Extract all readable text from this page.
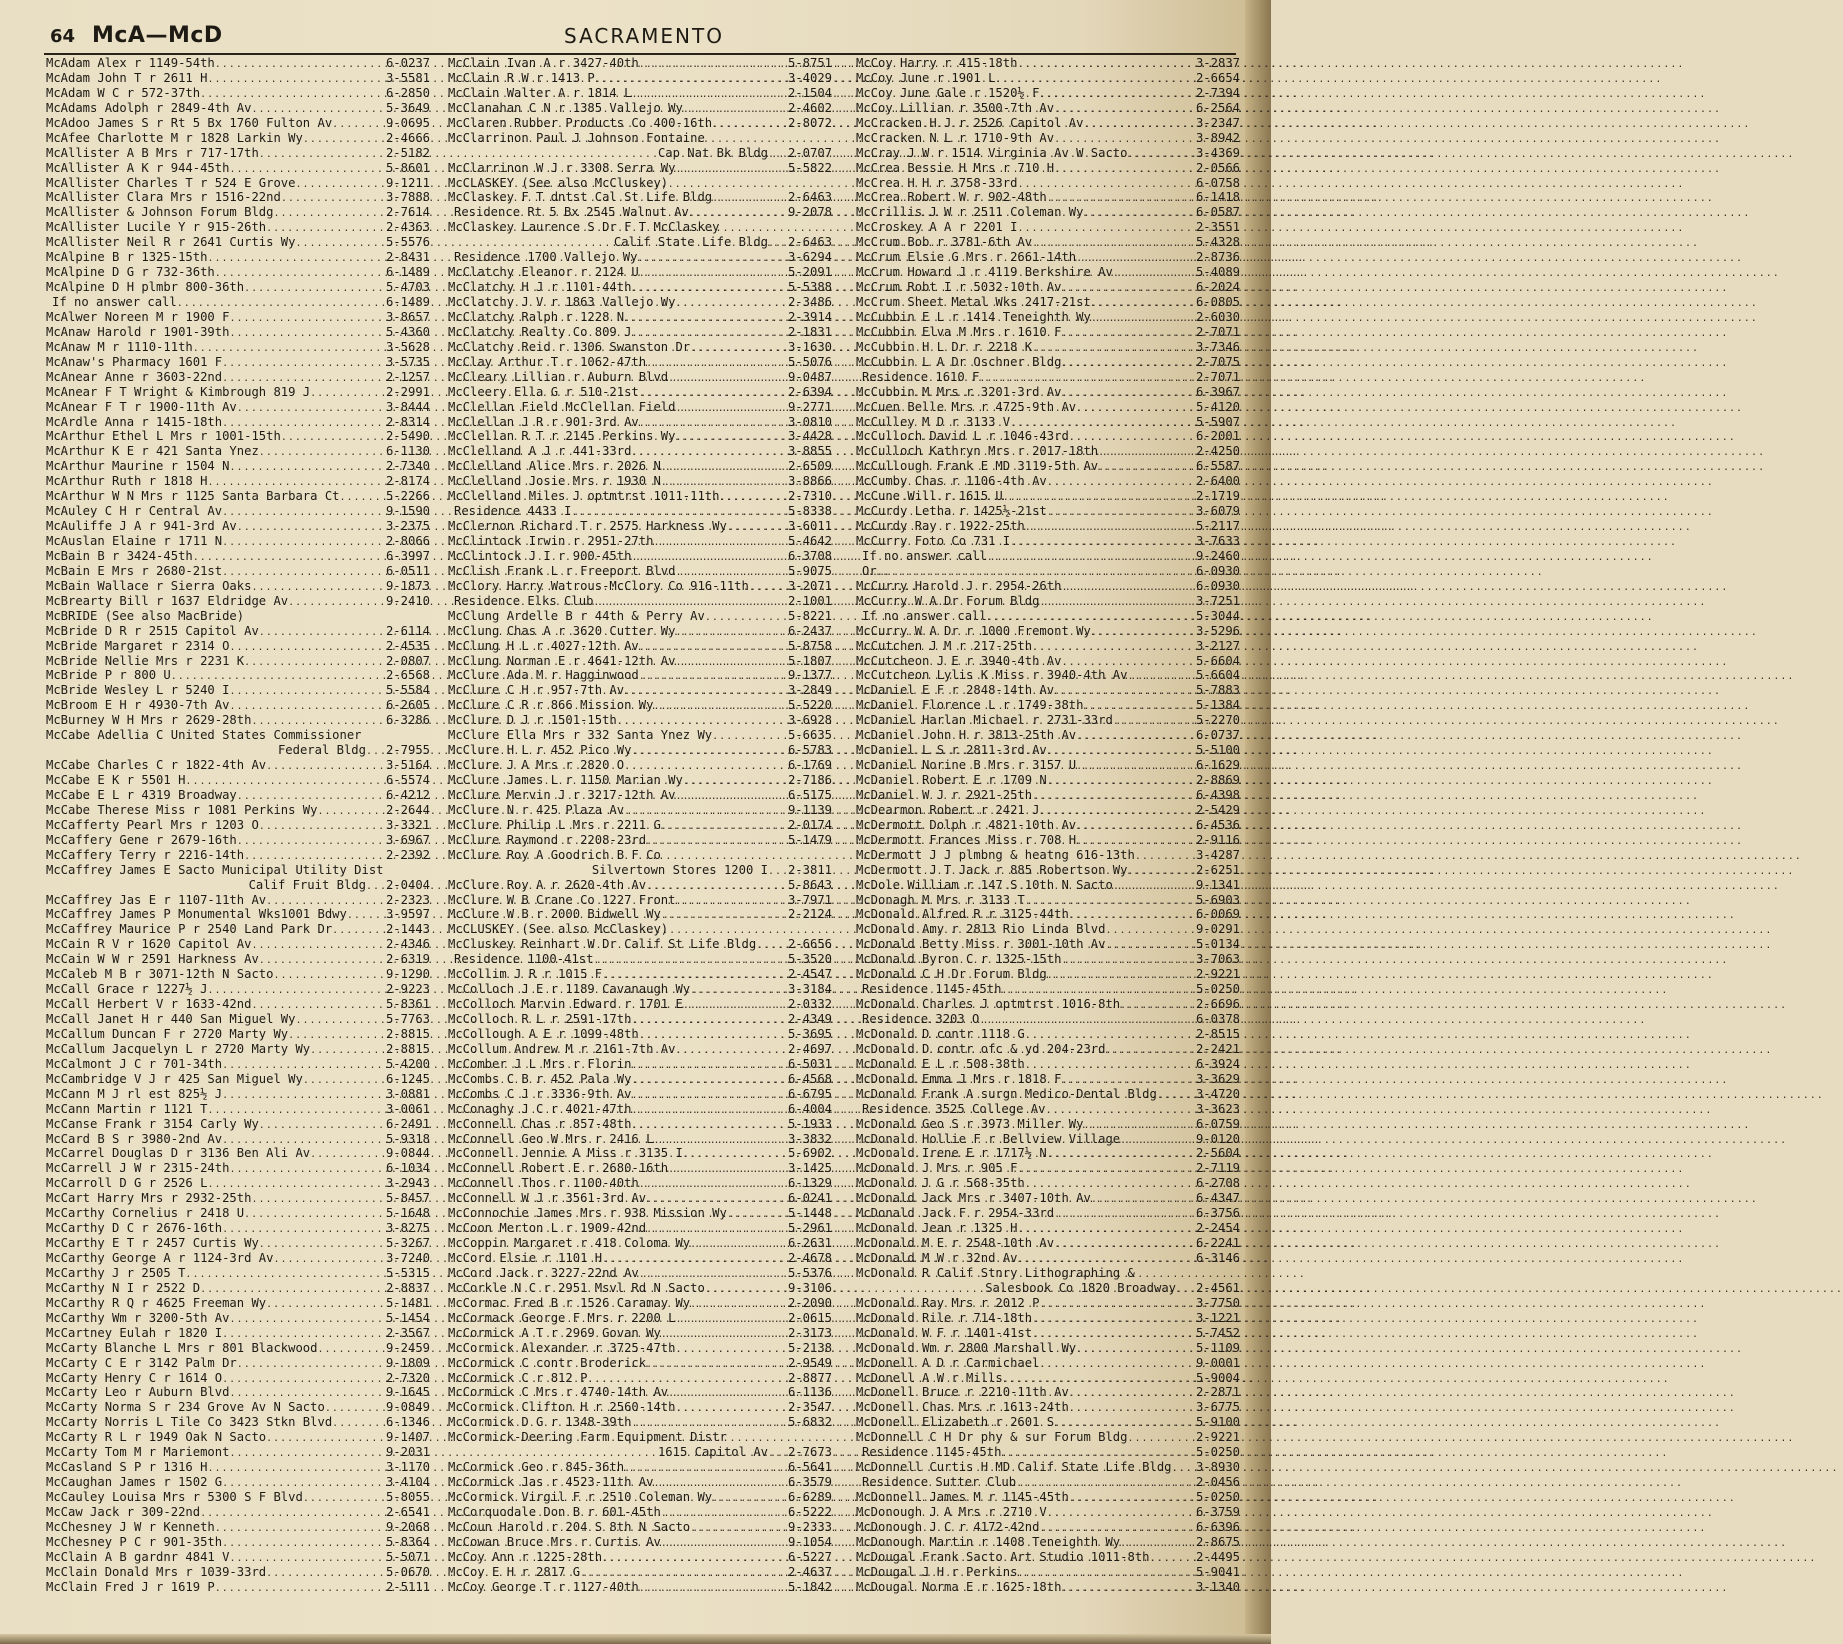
64 McA—McD	SACRAMENTO
McAdam Alex r 1149-54th .....	6-0237
McAdam John T r 2611 H .....	3-5581
McAdam W C r 572-37th .....	6-2850
McAdams Adolph r 2849-4th Av .....	5-3649
McAdoo James S r Rt 5 Bx 1760 Fulton Av .....	9-0695
McAfee Charlotte M r 1828 Larkin Wy .....	2-4666
McAllister A B Mrs r 717-17th .....	2-5182
McAllister A K r 944-45th .....	5-8601
McAllister Charles T r 524 E Grove .....	9-1211
McAllister Clara Mrs r 1516-22nd .....	3-7888
McAllister & Johnson Forum Bldg .....	2-7614
McAllister Lucile Y r 915-26th .....	2-4363
McAllister Neil R r 2641 Curtis Wy .....	5-5576
McAlpine B r 1325-15th .....	2-8431
McAlpine D G r 732-36th .....	6-1489
McAlpine D H plmbr 800-36th .....	5-4703
If no answer call .....	6-1489
McAlwer Noreen M r 1900 F .....	3-8657
McAnaw Harold r 1901-39th .....	5-4360
McAnaw M r 1110-11th .....	3-5628
McAnaw's Pharmacy 1601 F .....	3-5735
McAnear Anne r 3603-22nd .....	2-1257
McAnear F T Wright & Kimbrough 819 J .....	2-2991
McAnear F T r 1900-11th Av .....	3-8444
McArdle Anna r 1415-18th .....	2-8314
McArthur Ethel L Mrs r 1001-15th .....	2-5490
McArthur K E r 421 Santa Ynez .....	6-1130
McArthur Maurine r 1504 N .....	2-7340
McArthur Ruth r 1818 H .....	2-8174
McArthur W N Mrs r 1125 Santa Barbara Ct .....	5-2266
McAuley C H r Central Av .....	9-1590
McAuliffe J A r 941-3rd Av .....	3-2375
McAuslan Elaine r 1711 N .....	2-8066
McBain B r 3424-45th .....	6-3997
McBain E Mrs r 2680-21st .....	6-0511
McBain Wallace r Sierra Oaks .....	9-1873
McBrearty Bill r 1637 Eldridge Av .....	9-2410
McBRIDE (See also MacBride)
McBride D R r 2515 Capitol Av .....	2-6114
McBride Margaret r 2314 O .....	2-4535
McBride Nellie Mrs r 2231 K .....	2-0807
McBride P r 800 U .....	2-6568
McBride Wesley L r 5240 I .....	5-5584
McBroom E H r 4930-7th Av .....	6-2605
McBurney W H Mrs r 2629-28th .....	6-3286
McCabe Adellia C United States Commissioner
Federal Bldg .....	2-7955
McCabe Charles C r 1822-4th Av .....	3-5164
McCabe E K r 5501 H .....	6-5574
McCabe E L r 4319 Broadway .....	6-4212
McCabe Therese Miss r 1081 Perkins Wy .....	2-2644
McCafferty Pearl Mrs r 1203 O .....	3-3321
McCaffery Gene r 2679-16th .....	3-6967
McCaffery Terry r 2216-14th .....	2-2392
McCaffrey James E Sacto Municipal Utility Dist
Calif Fruit Bldg .....	2-0404
McCaffrey Jas E r 1107-11th Av .....	2-2323
McCaffrey James P Monumental Wks1001 Bdwy .....	3-9597
McCaffrey Maurice P r 2540 Land Park Dr .....	2-1443
McCain R V r 1620 Capitol Av .....	2-4346
McCain W W r 2591 Harkness Av .....	2-6319
McCaleb M B r 3071-12th N Sacto .....	9-1290
McCall Grace r 1227½ J .....	2-9223
McCall Herbert V r 1633-42nd .....	5-8361
McCall Janet H r 440 San Miguel Wy .....	5-7763
McCallum Duncan F r 2720 Marty Wy .....	2-8815
McCallum Jacquelyn L r 2720 Marty Wy .....	2-8815
McCalmont J C r 701-34th .....	5-4200
McCambridge V J r 425 San Miguel Wy .....	6-1245
McCann M J rl est 825½ J .....	3-0881
McCann Martin r 1121 T .....	3-0061
McCanse Frank r 3154 Carly Wy .....	6-2491
McCard B S r 3980-2nd Av .....	5-9318
McCarrel Douglas D r 3136 Ben Ali Av .....	9-0844
McCarrell J W r 2315-24th .....	6-1034
McCarroll D G r 2526 L .....	3-2943
McCart Harry Mrs r 2932-25th .....	5-8457
McCarthy Cornelius r 2418 U .....	5-1648
McCarthy D C r 2676-16th .....	3-8275
McCarthy E T r 2457 Curtis Wy .....	5-3267
McCarthy George A r 1124-3rd Av .....	3-7240
McCarthy J r 2505 T .....	5-5315
McCarthy N I r 2522 D .....	2-8837
McCarthy R Q r 4625 Freeman Wy .....	5-1481
McCarthy Wm r 3200-5th Av .....	5-1454
McCartney Eulah r 1820 I .....	2-3567
McCarty Blanche L Mrs r 801 Blackwood .....	9-2459
McCarty C E r 3142 Palm Dr .....	9-1809
McCarty Henry C r 1614 O .....	2-7320
McCarty Leo r Auburn Blvd .....	9-1645
McCarty Norma S r 234 Grove Av N Sacto .....	9-0849
McCarty Norris L Tile Co 3423 Stkn Blvd .....	6-1346
McCarty R L r 1949 Oak N Sacto .....	9-1407
McCarty Tom M r Mariemont .....	9-2031
McCasland S P r 1316 H .....	3-1170
McCaughan James r 1502 G .....	3-4104
McCauley Louisa Mrs r 5300 S F Blvd .....	5-8055
McCaw Jack r 309-22nd .....	2-6541
McChesney J W r Kenneth .....	9-2068
McChesney P C r 901-35th .....	5-8364
McClain A B gardnr 4841 V .....	5-5071
McClain Donald Mrs r 1039-33rd .....	5-0670
McClain Fred J r 1619 P .....	2-5111
McClain Ivan A r 3427-40th .....	5-8751
McClain R W r 1413 P .....	3-4029
McClain Walter A r 1814 L .....	2-1504
McClanahan C N r 1385 Vallejo Wy .....	2-4602
McClaren Rubber Products Co 400-16th .....	2-8072
McClarrinon Paul J Johnson Fontaine
Cap Nat Bk Bldg .....	2-0707
McClarrinon W J r 3308 Serra Wy .....	5-5822
McCLASKEY (See also McCluskey)
McClaskey F T dntst Cal St Life Bldg .....	2-6463
Residence Rt 5 Bx 2545 Walnut Av .....	9-2078
McClaskey Laurence S Dr F T McClaskey
Calif State Life Bldg .....	2-6463
Residence 1700 Vallejo Wy .....	3-6294
McClatchy Eleanor r 2124 U .....	5-2091
McClatchy H J r 1101-44th .....	5-5388
McClatchy J V r 1863 Vallejo Wy .....	2-3486
McClatchy Ralph r 1228 N .....	2-3914
McClatchy Realty Co 809 J .....	2-1831
McClatchy Reid r 1306 Swanston Dr .....	3-1630
McClay Arthur T r 1062-47th .....	5-5076
McCleary Lillian r Auburn Blvd .....	9-0487
McCleery Ella G r 510-21st .....	2-6394
McClellan Field McClellan Field .....	9-2771
McClellan J R r 901-3rd Av .....	3-0810
McClellan R T r 2145 Perkins Wy .....	3-4428
McClelland A J r 441-33rd .....	3-8855
McClelland Alice Mrs r 2026 N .....	2-6509
McClelland Josie Mrs r 1930 N .....	3-8866
McClelland Miles J optmtrst 1011-11th .....	2-7310
Residence 4433 I .....	5-8338
McClernon Richard T r 2575 Harkness Wy .....	3-6011
McClintock Irwin r 2951-27th .....	5-4642
McClintock J I r 900-45th .....	6-3708
McClish Frank L r Freeport Blvd .....	5-9075
McClory Harry Watrous-McClory Co 916-11th .....	3-2071
Residence Elks Club .....	2-1001
McClung Ardelle B r 44th & Perry Av .....	5-8221
McClung Chas A r 3620 Cutter Wy .....	6-2437
McClung H L r 4027-12th Av .....	5-8758
McClung Norman E r 4641-12th Av .....	5-1807
McClure Ada M r Hagginwood .....	9-1377
McClure C H r 957-7th Av .....	3-2849
McClure C R r 866 Mission Wy .....	5-5220
McClure D J r 1501-15th .....	3-6928
McClure Ella Mrs r 332 Santa Ynez Wy .....	5-6635
McClure H L r 452 Pico Wy .....	6-5783
McClure J A Mrs r 2820 O .....	6-1769
McClure James L r 1150 Marian Wy .....	2-7186
McClure Mervin J r 3217-12th Av .....	6-5175
McClure N r 425 Plaza Av .....	9-1139
McClure Philip L Mrs r 2211 G .....	2-0174
McClure Raymond r 2208-23rd .....	5-1479
McClure Roy A Goodrich B F Co
Silvertown Stores 1200 I .....	2-3811
McClure Roy A r 2620-4th Av .....	5-8643
McClure W B Crane Co 1227 Front .....	3-7971
McClure W B r 2000 Bidwell Wy .....	2-2124
McCLUSKEY (See also McClaskey)
McCluskey Reinhart W Dr Calif St Life Bldg .....	2-6656
Residence 1100-41st .....	5-3520
McCollim J R r 1015 F .....	2-4547
McColloch J E r 1189 Cavanaugh Wy .....	3-3184
McColloch Marvin Edward r 1701 E .....	2-0332
McColloch R L r 2591-17th .....	2-4349
McCollough A E r 1099-48th .....	5-3695
McCollum Andrew M r 2161-7th Av .....	2-4697
McComber J L Mrs r Florin .....	6-5031
McCombs C B r 452 Pala Wy .....	6-4568
McCombs C J r 3336-9th Av .....	6-6795
McConaghy J C r 4021-47th .....	6-4004
McConnell Chas r 857-48th .....	5-1933
McConnell Geo W Mrs r 2416 L .....	3-3832
McConnell Jennie A Miss r 3135 I .....	5-6902
McConnell Robert E r 2680-16th .....	3-1425
McConnell Thos r 1100-40th .....	6-1329
McConnell W J r 3561-3rd Av .....	6-0241
McConnochie James Mrs r 938 Mission Wy .....	5-1448
McCoon Merton L r 1909-42nd .....	5-2961
McCoppin Margaret r 418 Coloma Wy .....	6-2631
McCord Elsie r 1101 H .....	2-4678
McCord Jack r 3227-22nd Av .....	5-5376
McCorkle N C r 2951 Msvl Rd N Sacto .....	9-3106
McCormac Fred B r 1526 Caramay Wy .....	2-2090
McCormack George F Mrs r 2200 L .....	2-0615
McCormick A T r 2969 Govan Wy .....	2-3173
McCormick Alexander r 3725-47th .....	5-2138
McCormick C contr Broderick .....	2-9549
McCormick C r 812 P .....	2-8877
McCormick C Mrs r 4740-14th Av .....	6-1136
McCormick Clifton H r 2560-14th .....	2-3547
McCormick D G r 1348-39th .....	5-6832
McCormick-Deering Farm Equipment Distr
1615 Capitol Av .....	2-7673
McCormick Geo r 845-36th .....	6-5641
McCormick Jas r 4523-11th Av .....	6-3579
McCormick Virgil F r 2510 Coleman Wy .....	6-6289
McCorquodale Don B r 601-45th .....	6-5222
McCoun Harold r 204 S 8th N Sacto .....	9-2333
McCowan Bruce Mrs r Curtis Av .....	9-1054
McCoy Ann r 1225-28th .....	6-5227
McCoy E H r 2817 G .....	2-4637
McCoy George T r 1127-40th .....	5-1842
McCoy Harry r 415-18th .....	3-2837
McCoy June r 1901 L .....	2-6654
McCoy June Gale r 1520½ F .....	2-7394
McCoy Lillian r 3500-7th Av .....	6-2564
McCracken H J r 2526 Capitol Av .....	3-2347
McCracken N L r 1710-9th Av .....	3-8942
McCray J W r 1514 Virginia Av W Sacto .....	3-4369
McCrea Bessie H Mrs r 710 H .....	2-0566
McCrea H H r 3758-33rd .....	6-0758
McCrea Robert W r 902-48th .....	6-1418
McCrillis J W r 2511 Coleman Wy .....	6-0587
McCroskey A A r 2201 I .....	2-3551
McCrum Bob r 3781-6th Av .....	5-4328
McCrum Elsie G Mrs r 2661-14th .....	2-8736
McCrum Howard J r 4119 Berkshire Av .....	5-4089
McCrum Robt I r 5032-10th Av .....	6-2024
McCrum Sheet Metal Wks 2417-21st .....	6-0805
McCubbin E L r 1414 Teneighth Wy .....	2-6030
McCubbin Elva M Mrs r 1610 F .....	2-7071
McCubbin H L Dr r 2218 K .....	3-7346
McCubbin L A Dr Oschner Bldg .....	2-7075
Residence 1610 F .....	2-7071
McCubbin M Mrs r 3201-3rd Av .....	6-3967
McCuen Belle Mrs r 4725-9th Av .....	5-4120
McCulley M D r 3133 V .....	5-5907
McCulloch David L r 1046-43rd .....	6-2001
McCulloch Kathryn Mrs r 2017-18th .....	2-4250
McCullough Frank E MD 3119-5th Av .....	6-5587
McCumby Chas r 1106-4th Av .....	2-6400
McCune Will r 1615 U .....	2-1719
McCurdy Letha r 1425½-21st .....	3-6079
McCurdy Ray r 1922-25th .....	5-2117
McCurry Foto Co 731 I .....	3-7633
If no answer call .....	9-2460
Or .....	6-0930
McCurry Harold J r 2954-26th .....	6-0930
McCurry W A Dr Forum Bldg .....	3-7251
If no answer call .....	5-3044
McCurry W A Dr r 1000 Fremont Wy .....	3-5296
McCutchen J M r 217-25th .....	3-2127
McCutcheon J E r 3940-4th Av .....	5-6604
McCutcheon Lylis K Miss r 3940-4th Av .....	5-6604
McDaniel E F r 2848-14th Av .....	5-7883
McDaniel Florence L r 1749-38th .....	5-1384
McDaniel Harlan Michael r 2731-33rd .....	5-2270
McDaniel John H r 3813-25th Av .....	6-0737
McDaniel L S r 2811-3rd Av .....	5-5100
McDaniel Norine B Mrs r 3157 U .....	6-1629
McDaniel Robert E r 1709 N .....	2-8869
McDaniel W J r 2921-25th .....	6-4398
McDearmon Robert r 2421 J .....	2-5429
McDermott Dolph r 4821-10th Av .....	6-4536
McDermott Frances Miss r 708 H .....	2-9116
McDermott J J plmbng & heatng 616-13th .....	3-4287
McDermott J T Jack r 885 Robertson Wy .....	2-6251
McDole William r 147 S 10th N Sacto .....	9-1341
McDonagh M Mrs r 3133 T .....	5-6903
McDonald Alfred R r 3125-44th .....	6-0069
McDonald Amy r 2813 Rio Linda Blvd .....	9-0291
McDonald Betty Miss r 3001-10th Av .....	5-0134
McDonald Byron C r 1325-15th .....	3-7063
McDonald C H Dr Forum Bldg .....	2-9221
Residence 1145-45th .....	5-0250
McDonald Charles J optmtrst 1016-8th .....	2-6696
Residence 3203 O .....	6-0378
McDonald D contr 1118 G .....	2-8515
McDonald D contr ofc & yd 204-23rd .....	2-2421
McDonald E L r 508-38th .....	6-3924
McDonald Emma J Mrs r 1818 F .....	3-3629
McDonald Frank A surgn Medico-Dental Bldg .....	3-4720
Residence 3525 College Av .....	3-3623
McDonald Geo S r 3973 Miller Wy .....	6-0759
McDonald Hollie F r Bellview Village .....	9-0120
McDonald Irene E r 1717½ N .....	2-5604
McDonald J Mrs r 905 F .....	2-7119
McDonald J G r 568-35th .....	6-2708
McDonald Jack Mrs r 3407-10th Av .....	6-4347
McDonald Jack F r 2954-33rd .....	6-3756
McDonald Jean r 1325 H .....	2-2454
McDonald M E r 2548-10th Av .....	6-2241
McDonald M W r 32nd Av .....	6-3146
McDonald R Calif Stnry Lithographing &
Salesbook Co 1820 Broadway .....	2-4561
McDonald Ray Mrs r 2012 P .....	3-7750
McDonald Rile r 714-18th .....	3-1221
McDonald W F r 1401-41st .....	5-7452
McDonald Wm r 2800 Marshall Wy .....	5-1109
McDonell A D r Carmichael .....	9-0001
McDonell A W r Mills .....	5-9004
McDonell Bruce r 2210-11th Av .....	2-2871
McDonell Chas Mrs r 1613-24th .....	3-6775
McDonell Elizabeth r 2601 S .....	5-9100
McDonnell C H Dr phy & sur Forum Bldg .....	2-9221
Residence 1145-45th .....	5-0250
McDonnell Curtis H MD Calif State Life Bldg .....	3-8930
Residence Sutter Club .....	2-0456
McDonnell James M r 1145-45th .....	5-0250
McDonough J A Mrs r 2710 V .....	6-3759
McDonough J C r 4172-42nd .....	6-6396
McDonough Martin r 1408 Teneighth Wy .....	2-8675
McDougal Frank Sacto Art Studio 1011-8th .....	2-4495
McDougal J H r Perkins .....	5-9041
McDougal Norma E r 1625-18th .....	3-1340
